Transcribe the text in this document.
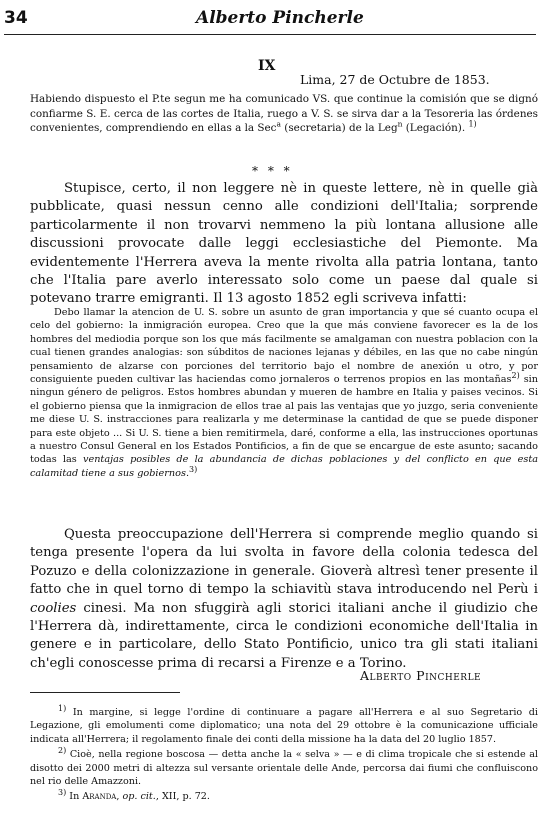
34	Alberto Pincherle
IX
Lima, 27 de Octubre de 1853.
Habiendo dispuesto el P.te segun me ha comunicado VS. que continue la comisión que se dignó confiarme S. E. cerca de las cortes de Italia, ruego a V. S. se sirva dar a la Tesoreria las órdenes convenientes, comprendiendo en ellas a la Sec$^a$ (secretaria) de la Leg$^n$ (Legación). $^{1)}$
* * *
Stupisce, certo, il non leggere nè in queste lettere, nè in quelle già pubblicate, quasi nessun cenno alle condizioni dell'Italia; sorprende particolarmente il non trovarvi nemmeno la più lontana allusione alle discussioni provocate dalle leggi ecclesiastiche del Piemonte. Ma evidentemente l'Herrera aveva la mente rivolta alla patria lontana, tanto che l'Italia pare averlo interessato solo come un paese dal quale si potevano trarre emigranti. Il 13 agosto 1852 egli scriveva infatti:
Debo llamar la atencion de U. S. sobre un asunto de gran importancia y que sé cuanto ocupa el celo del gobierno: la inmigración europea. Creo que la que más conviene favorecer es la de los hombres del mediodia porque son los que más facilmente se amalgaman con nuestra poblacion con la cual tienen grandes analogias: son súbditos de naciones lejanas y débiles, en las que no cabe ningún pensamiento de alzarse con porciones del territorio bajo el nombre de anexión u otro, y por consiguiente pueden cultivar las haciendas como jornaleros o terrenos propios en las montañas$^{2)}$ sin ningun género de peligros. Estos hombres abundan y mueren de hambre en Italia y paises vecinos. Si el gobierno piensa que la inmigracion de ellos trae al pais las ventajas que yo juzgo, seria conveniente me diese U. S. instracciones para realizarla y me determinase la cantidad de que se puede disponer para este objeto ... Si U. S. tiene a bien remitirmela, daré, conforme a ella, las instrucciones oportunas a nuestro Consul General en los Estados Pontificios, a fin de que se encargue de este asunto; sacando todas las ventajas posibles de la abundancia de dichas poblaciones y del conflicto en que esta calamitad tiene a sus gobiernos.$^{3)}$
Questa preoccupazione dell'Herrera si comprende meglio quando si tenga presente l'opera da lui svolta in favore della colonia tedesca del Pozuzo e della colonizzazione in generale. Gioverà altresì tener presente il fatto che in quel torno di tempo la schiavitù stava introducendo nel Perù i coolies cinesi. Ma non sfuggirà agli storici italiani anche il giudizio che l'Herrera dà, indirettamente, circa le condizioni economiche dell'Italia in genere e in particolare, dello Stato Pontificio, unico tra gli stati italiani ch'egli conoscesse prima di recarsi a Firenze e a Torino.
Alberto Pincherle
$^{1)}$ In margine, si legge l'ordine di continuare a pagare all'Herrera e al suo Segretario di Legazione, gli emolumenti come diplomatico; una nota del 29 ottobre è la comunicazione ufficiale indicata all'Herrera; il regolamento finale dei conti della missione ha la data del 20 luglio 1857.
$^{2)}$ Cioè, nella regione boscosa — detta anche la « selva » — e di clima tropicale che si estende al disotto dei 2000 metri di altezza sul versante orientale delle Ande, percorsa dai fiumi che confluiscono nel rio delle Amazzoni.
$^{3)}$ In Aranda, op. cit., XII, p. 72.
